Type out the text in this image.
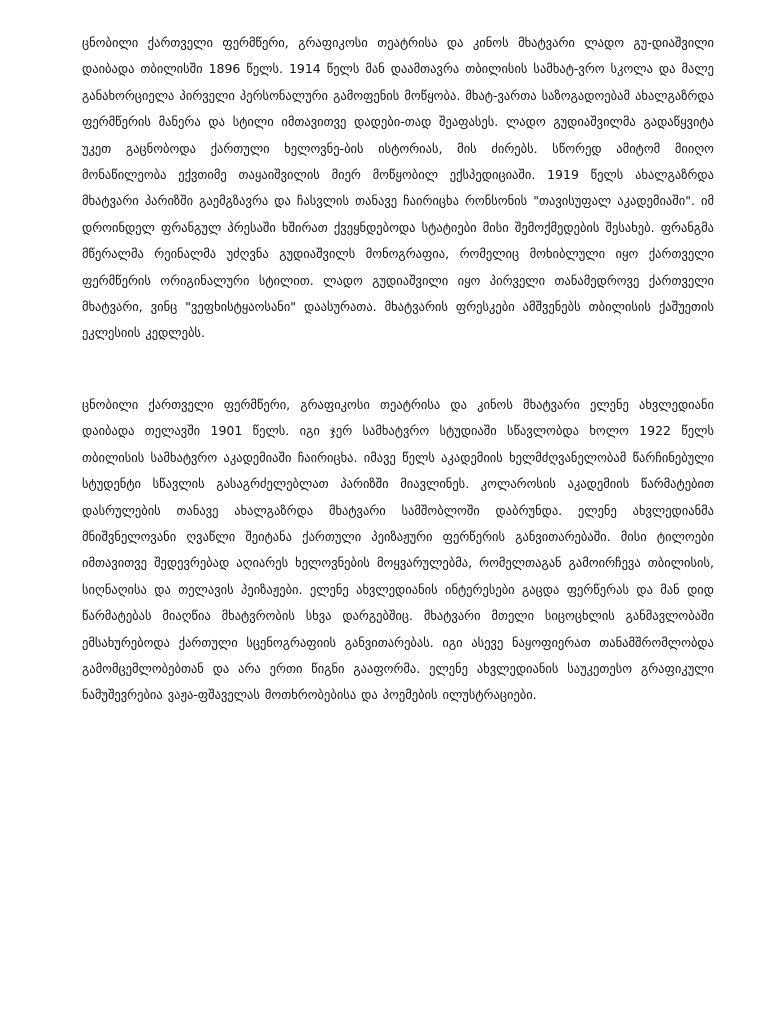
ცნობილი ქართველი ფერმწერი, გრაფიკოსი თეატრისა და კინოს მხატვარი ლადო გუ-დიაშვილი დაიბადა თბილისში 1896 წელს. 1914 წელს მან დაამთავრა თბილისის სამხატ-ვრო სკოლა და მალე განახორციელა პირველი პერსონალური გამოფენის მოწყობა. მხატ-ვართა საზოგადოებამ ახალგაზრდა ფერმწერის მანერა და სტილი იმთავითვე დადები-თად შეაფასეს. ლადო გუდიაშვილმა გადაწყვიტა უკეთ გაცნობოდა ქართული ხელოვნე-ბის ისტორიას, მის ძირებს. სწორედ ამიტომ მიიღო მონაწილეობა ექვთიმე თაყაიშვილის მიერ მოწყობილ ექსპედიციაში. 1919 წელს ახალგაზრდა მხატვარი პარიზში გაემგზავრა და ჩასვლის თანავე ჩაირიცხა რონსონის "თავისუფალ აკადემიაში". იმ დროინდელ ფრანგულ პრესაში ხშირათ ქვეყნდებოდა სტატიები მისი შემოქმედების შესახებ. ფრანგმა მწერალმა რეინალმა უძღვნა გუდიაშვილს მონოგრაფია, რომელიც მოხიბლული იყო ქართველი ფერმწერის ორიგინალური სტილით. ლადო გუდიაშვილი იყო პირველი თანამედროვე ქართველი მხატვარი, ვინც "ვეფხისტყაოსანი" დაასურათა. მხატვარის ფრესკები ამშვენებს თბილისის ქაშუეთის ეკლესიის კედლებს.

ცნობილი ქართველი ფერმწერი, გრაფიკოსი თეატრისა და კინოს მხატვარი ელენე ახვლედიანი დაიბადა თელავში 1901 წელს. იგი ჯერ სამხატვრო სტუდიაში სწავლობდა ხოლო 1922 წელს თბილისის სამხატვრო აკადემიაში ჩაირიცხა. იმავე წელს აკადემიის ხელმძღვანელობამ წარჩინებული სტუდენტი სწავლის გასაგრძელებლათ პარიზში მიავლინეს. კოლაროსის აკადემიის წარმატებით დასრულების თანავე ახალგაზრდა მხატვარი სამშობლოში დაბრუნდა. ელენე ახვლედიანმა მნიშვნელოვანი ღვაწლი შეიტანა ქართული პეიზაჟური ფერწერის განვითარებაში. მისი ტილოები იმთავითვე შედევრებად აღიარეს ხელოვნების მოყვარულებმა, რომელთაგან გამოირჩევა თბილისის, სიღნაღისა და თელავის პეიზაჟები. ელენე ახვლედიანის ინტერესები გაცდა ფერწერას და მან დიდ წარმატებას მიაღწია მხატვრობის სხვა დარგებშიც. მხატვარი მთელი სიცოცხლის განმავლობაში ემსახურებოდა ქართული სცენოგრაფიის განვითარებას. იგი ასევე ნაყოფიერათ თანამშრომლობდა გამომცემლობებთან და არა ერთი წიგნი გააფორმა. ელენე ახვლედიანის საუკეთესო გრაფიკული ნამუშევრებია ვაჟა-ფშაველას მოთხრობებისა და პოემების ილუსტრაციები.
